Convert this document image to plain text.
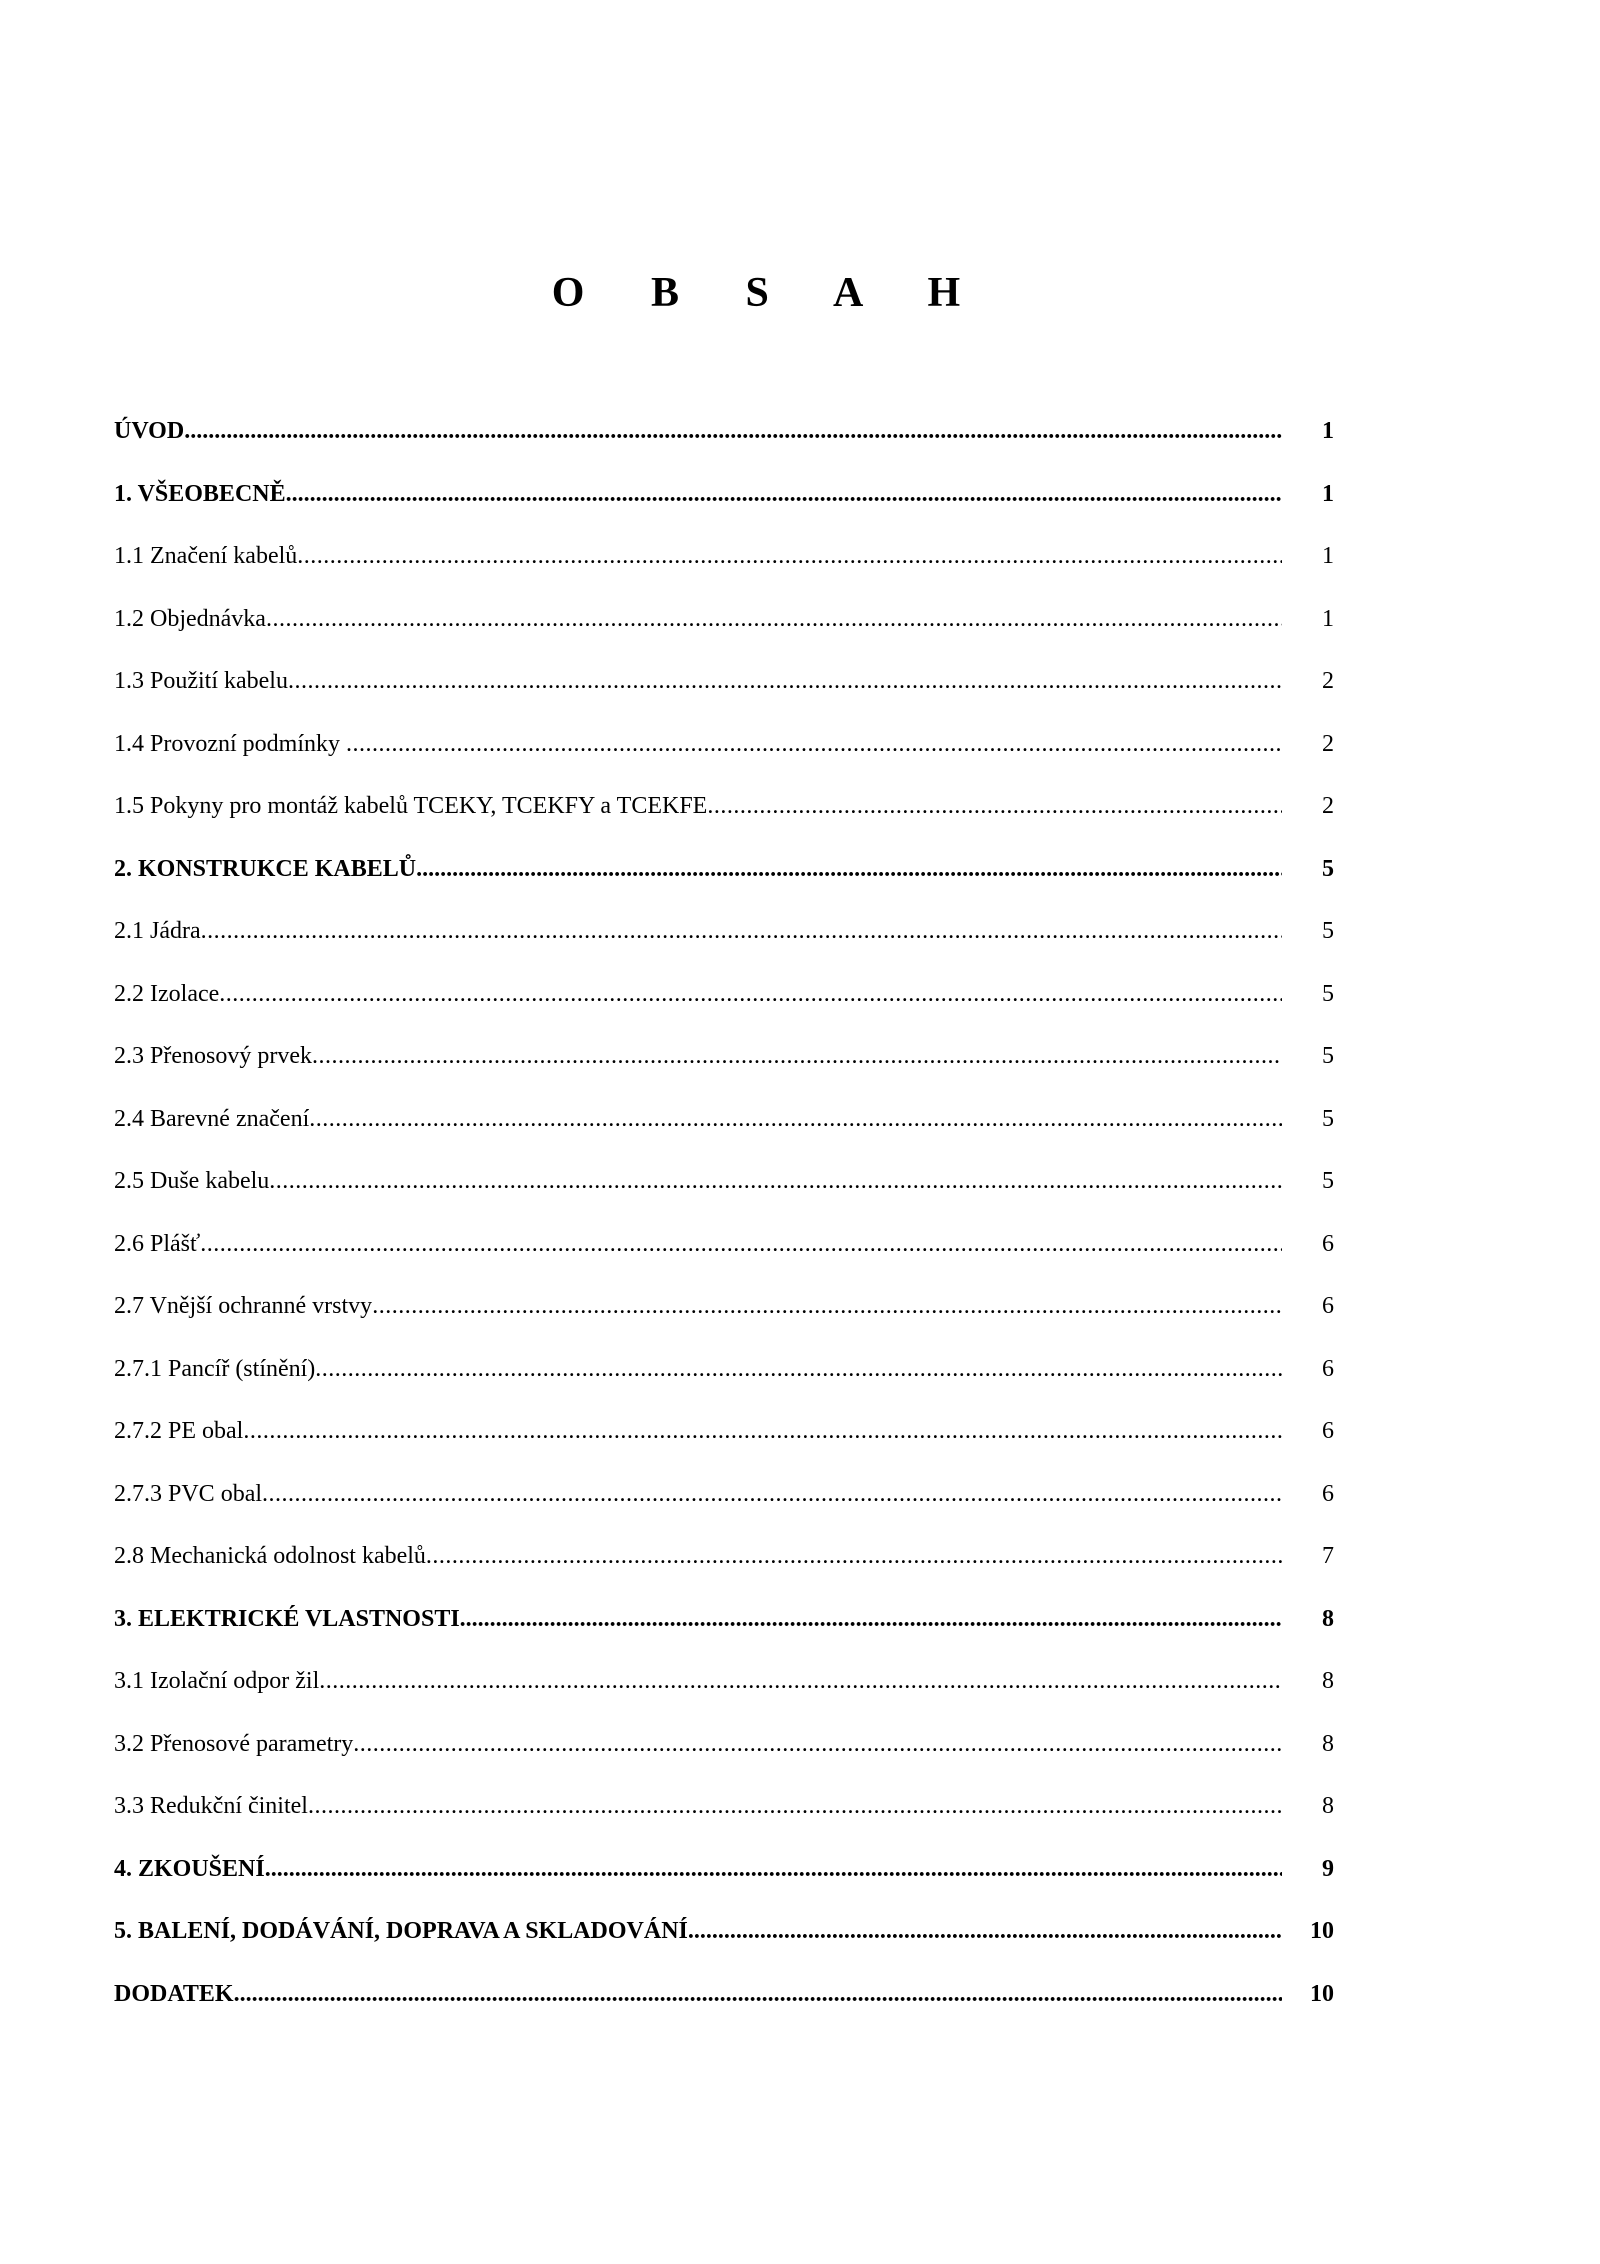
O B S A H
ÚVOD .....	1
1. VŠEOBECNĚ .....	1
1.1 Značení kabelů .....	1
1.2 Objednávka .....	1
1.3 Použití kabelu .....	2
1.4 Provozní podmínky .....	2
1.5 Pokyny pro montáž kabelů TCEKY, TCEKFY a TCEKFE .....	2
2. KONSTRUKCE KABELŮ .....	5
2.1 Jádra .....	5
2.2 Izolace .....	5
2.3 Přenosový prvek .....	5
2.4 Barevné značení .....	5
2.5 Duše kabelu .....	5
2.6 Plášť .....	6
2.7 Vnější ochranné vrstvy .....	6
2.7.1 Pancíř (stínění) .....	6
2.7.2 PE obal .....	6
2.7.3 PVC obal .....	6
2.8 Mechanická odolnost kabelů .....	7
3. ELEKTRICKÉ VLASTNOSTI .....	8
3.1 Izolační odpor žil .....	8
3.2 Přenosové parametry .....	8
3.3 Redukční činitel .....	8
4. ZKOUŠENÍ .....	9
5. BALENÍ, DODÁVÁNÍ, DOPRAVA A SKLADOVÁNÍ .....	10
DODATEK .....	10
